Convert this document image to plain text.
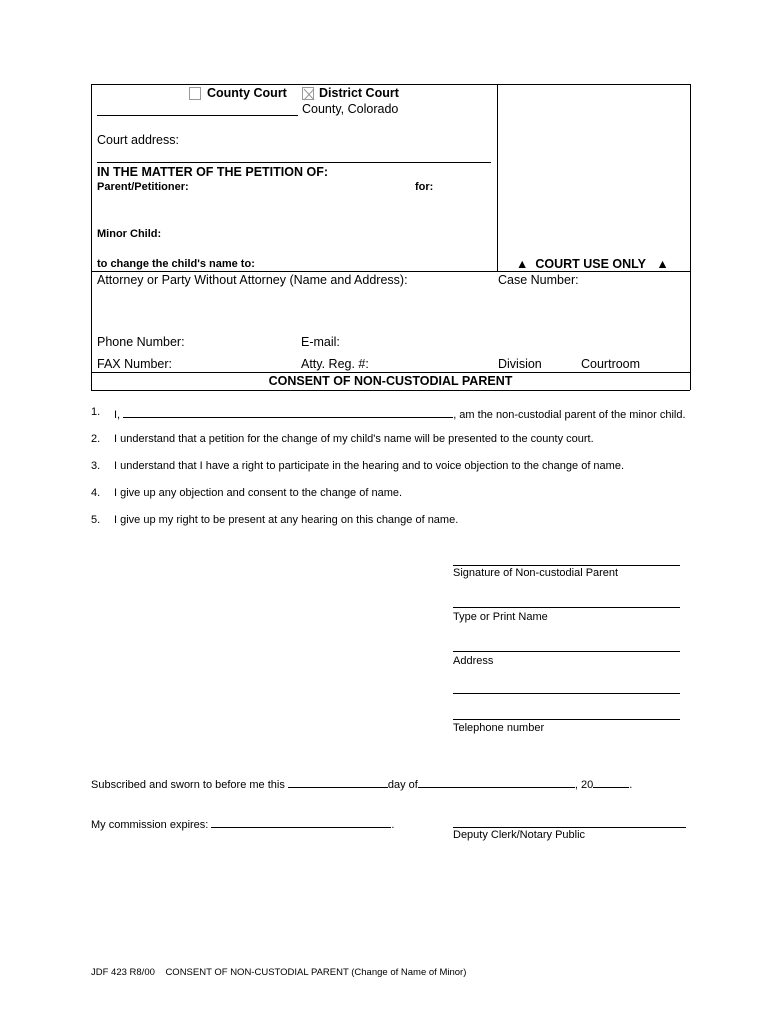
County Court	District Court
County, Colorado
Court address:
IN THE MATTER OF THE PETITION OF:
Parent/Petitioner:	for:
Minor Child:
to change the child's name to:	▲ COURT USE ONLY ▲
Attorney or Party Without Attorney (Name and Address):	Case Number:
Phone Number:	E-mail:
FAX Number:	Atty. Reg. #:	Division	Courtroom
CONSENT OF NON-CUSTODIAL PARENT
1. I,	, am the non-custodial parent of the minor child.
2. I understand that a petition for the change of my child's name will be presented to the county court.
3. I understand that I have a right to participate in the hearing and to voice objection to the change of name.
4. I give up any objection and consent to the change of name.
5. I give up my right to be present at any hearing on this change of name.
Signature of Non-custodial Parent
Type or Print Name
Address
Telephone number
Subscribed and sworn to before me this	day of	, 20	.
My commission expires:	.
Deputy Clerk/Notary Public
JDF 423 R8/00    CONSENT OF NON-CUSTODIAL PARENT (Change of Name of Minor)
